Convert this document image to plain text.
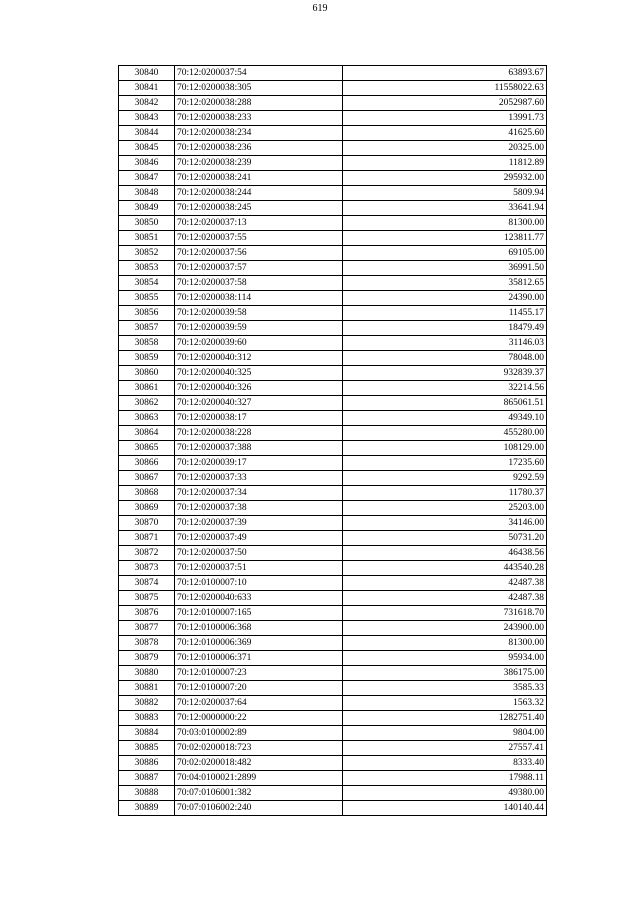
619
30840	70:12:0200037:54	63893.67
30841	70:12:0200038:305	11558022.63
30842	70:12:0200038:288	2052987.60
30843	70:12:0200038:233	13991.73
30844	70:12:0200038:234	41625.60
30845	70:12:0200038:236	20325.00
30846	70:12:0200038:239	11812.89
30847	70:12:0200038:241	295932.00
30848	70:12:0200038:244	5809.94
30849	70:12:0200038:245	33641.94
30850	70:12:0200037:13	81300.00
30851	70:12:0200037:55	123811.77
30852	70:12:0200037:56	69105.00
30853	70:12:0200037:57	36991.50
30854	70:12:0200037:58	35812.65
30855	70:12:0200038:114	24390.00
30856	70:12:0200039:58	11455.17
30857	70:12:0200039:59	18479.49
30858	70:12:0200039:60	31146.03
30859	70:12:0200040:312	78048.00
30860	70:12:0200040:325	932839.37
30861	70:12:0200040:326	32214.56
30862	70:12:0200040:327	865061.51
30863	70:12:0200038:17	49349.10
30864	70:12:0200038:228	455280.00
30865	70:12:0200037:388	108129.00
30866	70:12:0200039:17	17235.60
30867	70:12:0200037:33	9292.59
30868	70:12:0200037:34	11780.37
30869	70:12:0200037:38	25203.00
30870	70:12:0200037:39	34146.00
30871	70:12:0200037:49	50731.20
30872	70:12:0200037:50	46438.56
30873	70:12:0200037:51	443540.28
30874	70:12:0100007:10	42487.38
30875	70:12:0200040:633	42487.38
30876	70:12:0100007:165	731618.70
30877	70:12:0100006:368	243900.00
30878	70:12:0100006:369	81300.00
30879	70:12:0100006:371	95934.00
30880	70:12:0100007:23	386175.00
30881	70:12:0100007:20	3585.33
30882	70:12:0200037:64	1563.32
30883	70:12:0000000:22	1282751.40
30884	70:03:0100002:89	9804.00
30885	70:02:0200018:723	27557.41
30886	70:02:0200018:482	8333.40
30887	70:04:0100021:2899	17988.11
30888	70:07:0106001:382	49380.00
30889	70:07:0106002:240	140140.44
